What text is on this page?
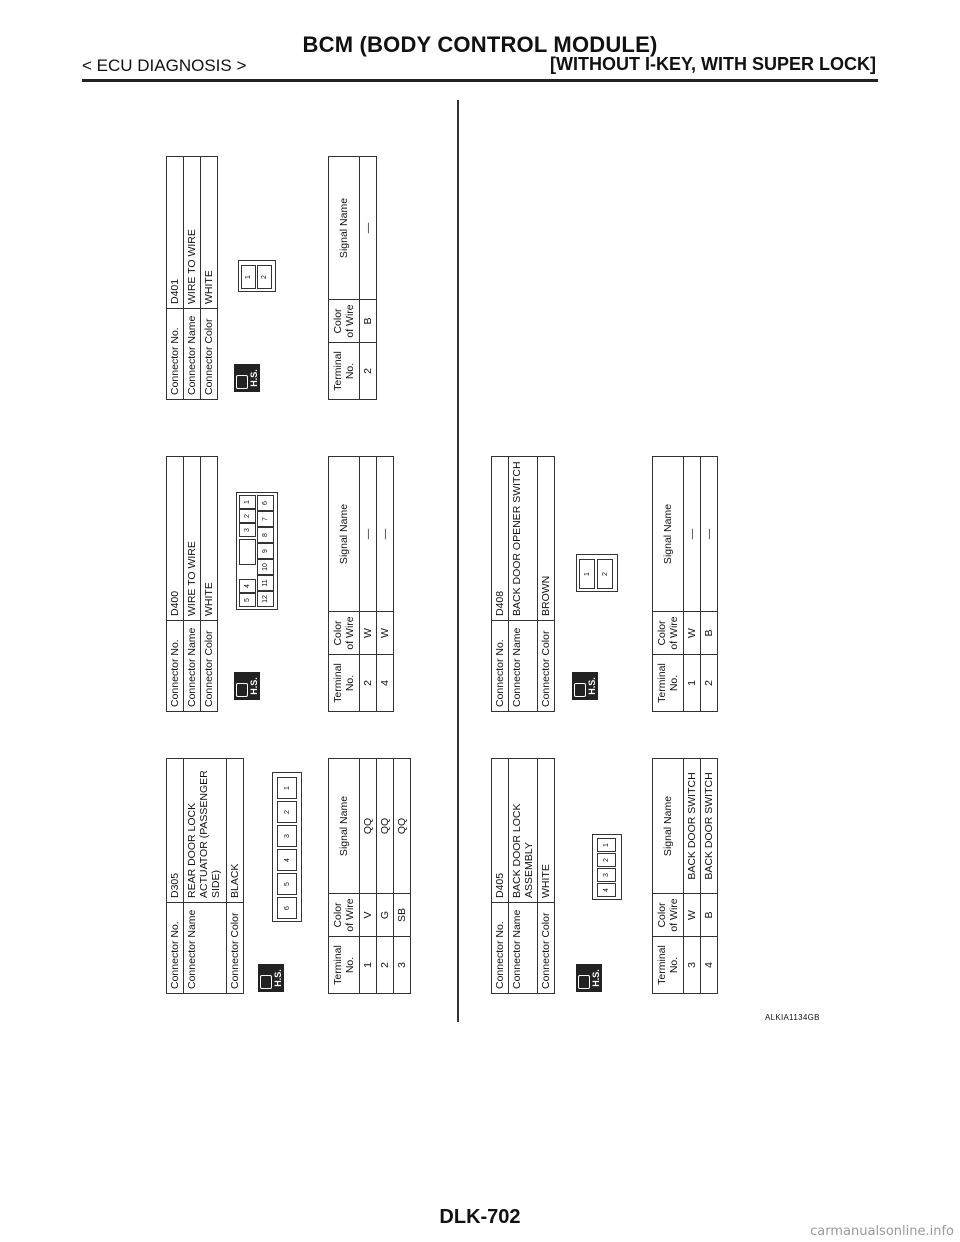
BCM (BODY CONTROL MODULE)
< ECU DIAGNOSIS >	[WITHOUT I-KEY, WITH SUPER LOCK]
Connector No.	D305
Connector Name	REAR DOOR LOCK ACTUATOR (PASSENGER SIDE)
Connector Color	BLACK
H.S.
6
5
4
3
2
1
Terminal No.	Color of Wire	Signal Name
1	V	QQ
2	G	QQ
3	SB	QQ
Connector No.	D400
Connector Name	WIRE TO WIRE
Connector Color	WHITE
H.S.
5
4
3
2
1
12
11
10
9
8
7
6
Terminal No.	Color of Wire	Signal Name
2	W	—
4	W	—
Connector No.	D401
Connector Name	WIRE TO WIRE
Connector Color	WHITE
H.S.
1	2
Terminal No.	Color of Wire	Signal Name
2	B	—
Connector No.	D405
Connector Name	BACK DOOR LOCK ASSEMBLY
Connector Color	WHITE
H.S.
4
3
2
1
Terminal No.	Color of Wire	Signal Name
3	W	BACK DOOR SWITCH
4	B	BACK DOOR SWITCH
Connector No.	D408
Connector Name	BACK DOOR OPENER SWITCH
Connector Color	BROWN
H.S.
1	2
Terminal No.	Color of Wire	Signal Name
1	W	—
2	B	—
ALKIA1134GB
DLK-702
carmanualsonline.info
